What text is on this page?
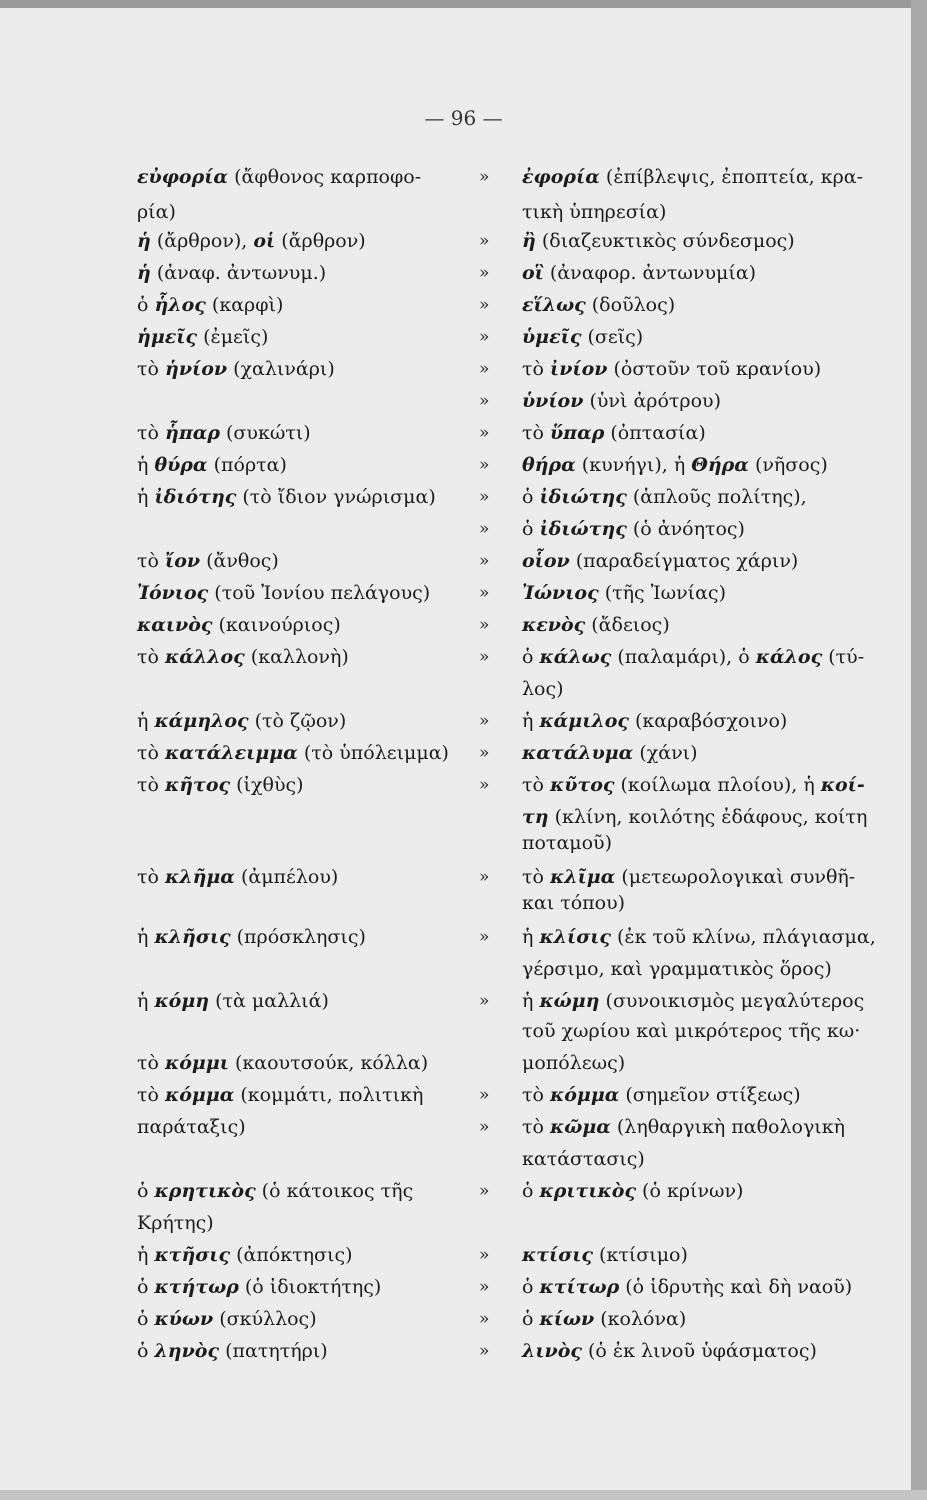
— 96 —
εὐφορία (ἄφθονος καρποφο-	» ἐφορία (ἐπίβλεψις, ἐποπτεία, κρα-
ρία)	τικὴ ὑπηρεσία)
ἡ (ἄρθρον), οἱ (ἄρθρον)	» ἢ (διαζευκτικὸς σύνδεσμος)
ἡ (ἀναφ. ἀντωνυμ.)	» οἳ (ἀναφορ. ἀντωνυμία)
ὁ ἧλος (καρφὶ)	» εἵλως (δοῦλος)
ἡμεῖς (ἐμεῖς)	» ὑμεῖς (σεῖς)
τὸ ἡνίον (χαλινάρι)	» τὸ ἰνίον (ὀστοῦν τοῦ κρανίου)
» ὑνίον (ὑνὶ ἀρότρου)
τὸ ἧπαρ (συκώτι)	» τὸ ὕπαρ (ὀπτασία)
ἡ θύρα (πόρτα)	» θήρα (κυνήγι), ἡ Θήρα (νῆσος)
ἡ ἰδιότης (τὸ ἴδιον γνώρισμα)	» ὁ ἰδιώτης (ἁπλοῦς πολίτης),
» ὁ ἰδιώτης (ὁ ἀνόητος)
τὸ ἴον (ἄνθος)	» οἷον (παραδείγματος χάριν)
Ἰόνιος (τοῦ Ἰονίου πελάγους)	» Ἰώνιος (τῆς Ἰωνίας)
καινὸς (καινούριος)	» κενὸς (ἄδειος)
τὸ κάλλος (καλλονὴ)	» ὁ κάλως (παλαμάρι), ὁ κάλος (τύ-
λος)
ἡ κάμηλος (τὸ ζῷον)	» ἡ κάμιλος (καραβόσχοινο)
τὸ κατάλειμμα (τὸ ὑπόλειμμα) » κατάλυμα (χάνι)
τὸ κῆτος (ἰχθὺς)	» τὸ κῦτος (κοίλωμα πλοίου), ἡ κοί-
τη (κλίνη, κοιλότης ἐδάφους, κοίτη
ποταμοῦ)
τὸ κλῆμα (ἀμπέλου)	» τὸ κλῖμα (μετεωρολογικαὶ συνθῆ-
και τόπου)
ἡ κλῆσις (πρόσκλησις)	» ἡ κλίσις (ἐκ τοῦ κλίνω, πλάγιασμα,
γέρσιμο, καὶ γραμματικὸς ὅρος)
ἡ κόμη (τὰ μαλλιά)	» ἡ κώμη (συνοικισμὸς μεγαλύτερος
τοῦ χωρίου καὶ μικρότερος τῆς κω·
τὸ κόμμι (καουτσούκ, κόλλα)	μοπόλεως)
τὸ κόμμα (κομμάτι, πολιτικὴ	» τὸ κόμμα (σημεῖον στίξεως)
παράταξις)	» τὸ κῶμα (ληθαργικὴ παθολογικὴ
κατάστασις)
ὁ κρητικὸς (ὁ κάτοικος τῆς	» ὁ κριτικὸς (ὁ κρίνων)
Κρήτης)
ἡ κτῆσις (ἀπόκτησις)	» κτίσις (κτίσιμο)
ὁ κτήτωρ (ὁ ἰδιοκτήτης)	» ὁ κτίτωρ (ὁ ἱδρυτὴς καὶ δὴ ναοῦ)
ὁ κύων (σκύλλος)	» ὁ κίων (κολόνα)
ὁ ληνὸς (πατητήρι)	» λινὸς (ὁ ἐκ λινοῦ ὑφάσματος)
